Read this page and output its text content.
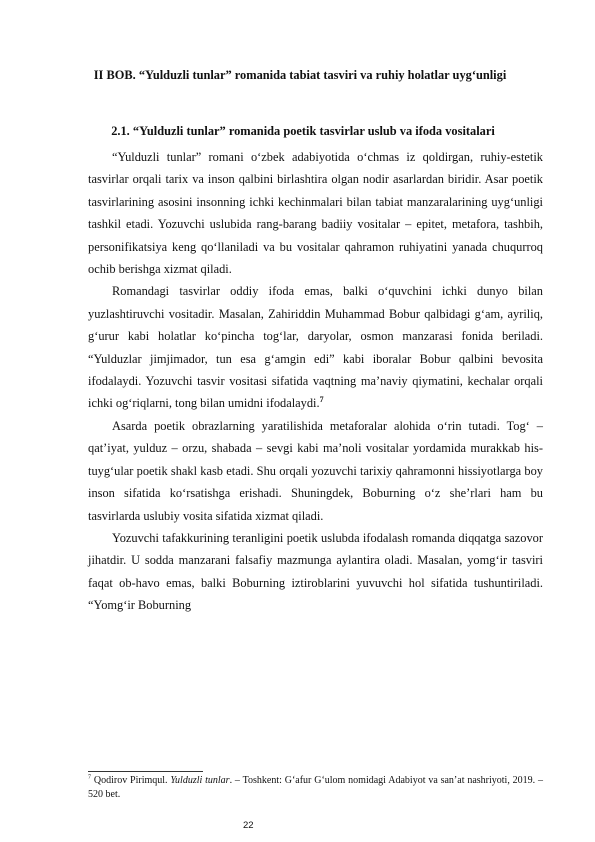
II BOB. “Yulduzli tunlar” romanida tabiat tasviri va ruhiy holatlar uyg‘unligi
2.1. “Yulduzli tunlar” romanida poetik tasvirlar uslub va ifoda vositalari

“Yulduzli tunlar” romani o‘zbek adabiyotida o‘chmas iz qoldirgan, ruhiy-estetik tasvirlar orqali tarix va inson qalbini birlashtira olgan nodir asarlardan biridir. Asar poetik tasvirlarining asosini insonning ichki kechinmalari bilan tabiat manzaralarining uyg‘unligi tashkil etadi. Yozuvchi uslubida rang-barang badiiy vositalar – epitet, metafora, tashbih, personifikatsiya keng qo‘llaniladi va bu vositalar qahramon ruhiyatini yanada chuqurroq ochib berishga xizmat qiladi.

Romandagi tasvirlar oddiy ifoda emas, balki o‘quvchini ichki dunyo bilan yuzlashtiruvchi vositadir. Masalan, Zahiriddin Muhammad Bobur qalbidagi g‘am, ayriliq, g‘urur kabi holatlar ko‘pincha tog‘lar, daryolar, osmon manzarasi fonida beriladi. “Yulduzlar jimjimador, tun esa g‘amgin edi” kabi iboralar Bobur qalbini bevosita ifodalaydi. Yozuvchi tasvir vositasi sifatida vaqtning ma’naviy qiymatini, kechalar orqali ichki og‘riqlarni, tong bilan umidni ifodalaydi.$^7$

Asarda poetik obrazlarning yaratilishida metaforalar alohida o‘rin tutadi. Tog‘ – qat’iyat, yulduz – orzu, shabada – sevgi kabi ma’noli vositalar yordamida murakkab his-tuyg‘ular poetik shakl kasb etadi. Shu orqali yozuvchi tarixiy qahramonni hissiyotlarga boy inson sifatida ko‘rsatishga erishadi. Shuningdek, Boburning o‘z she’rlari ham bu tasvirlarda uslubiy vosita sifatida xizmat qiladi.

Yozuvchi tafakkurining teranligini poetik uslubda ifodalash romanda diqqatga sazovor jihatdir. U sodda manzarani falsafiy mazmunga aylantira oladi. Masalan, yomg‘ir tasviri faqat ob-havo emas, balki Boburning iztiroblarini yuvuvchi hol sifatida tushuntiriladi. “Yomg‘ir Boburning

$^7$ Qodirov Pirimqul. Yulduzli tunlar. – Toshkent: G‘afur G‘ulom nomidagi Adabiyot va san’at nashriyoti, 2019. – 520 bet.
22
